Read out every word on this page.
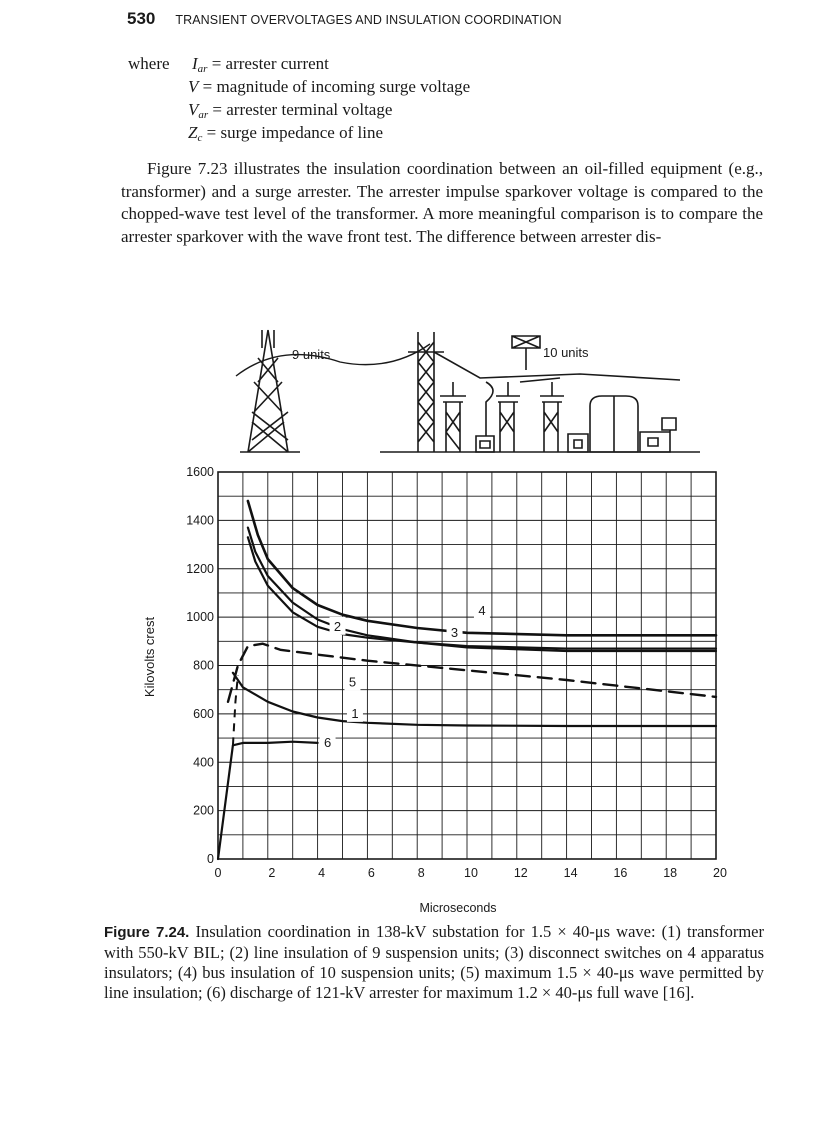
530 TRANSIENT OVERVOLTAGES AND INSULATION COORDINATION
where $I_{ar}$ = arrester current
V = magnitude of incoming surge voltage
$V_{ar}$ = arrester terminal voltage
$Z_c$ = surge impedance of line

Figure 7.23 illustrates the insulation coordination between an oil-filled equipment (e.g., transformer) and a surge arrester. The arrester impulse sparkover voltage is compared to the chopped-wave test level of the transformer. A more meaningful comparison is to compare the arrester sparkover with the wave front test. The difference between arrester dis-

9 units	10 units
0	2	4	6	8	10	12	14	16	18	20
0
200
400
600
800
1000
1200
1400
1600
1
2	3
4
5
6
Kilovolts crest
Microseconds

Figure 7.24. Insulation coordination in 138-kV substation for 1.5 × 40-μs wave: (1) transformer with 550-kV BIL; (2) line insulation of 9 suspension units; (3) disconnect switches on 4 apparatus insulators; (4) bus insulation of 10 suspension units; (5) maximum 1.5 × 40-μs wave permitted by line insulation; (6) discharge of 121-kV arrester for maximum 1.2 × 40-μs full wave [16].
